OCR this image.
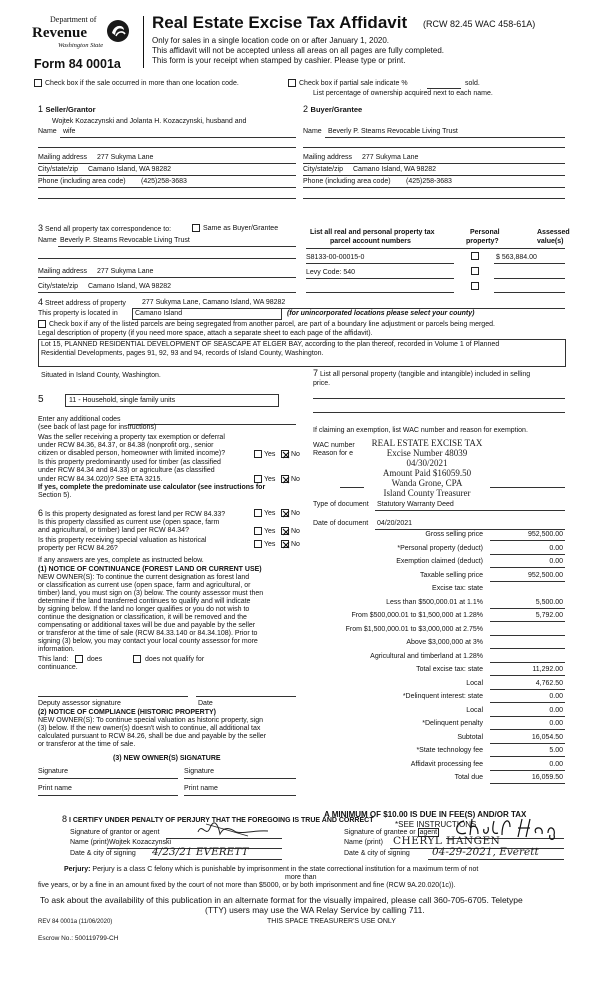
Department of
Revenue
Washington State
Form 84 0001a
Real Estate Excise Tax Affidavit (RCW 82.45 WAC 458-61A)
Only for sales in a single location code on or after January 1, 2020.
This affidavit will not be accepted unless all areas on all pages are fully completed.
This form is your receipt when stamped by cashier. Please type or print.
Check box if the sale occurred in more than one location code.	Check box if partial sale indicate %	sold.
List percentage of ownership acquired next to each name.
1 Seller/Grantor
Wojtek Kozaczynski and Jolanta H. Kozaczynski, husband and
Name wife
Mailing address 277 Sukyma Lane
City/state/zip Camano Island, WA 98282
Phone (including area code) (425)258-3683
2 Buyer/Grantee
Name Beverly P. Stearns Revocable Living Trust
Mailing address 277 Sukyma Lane
City/state/zip Camano Island, WA 98282
Phone (including area code) (425)258-3683
3 Send all property tax correspondence to:	Same as Buyer/Grantee
Name Beverly P. Stearns Revocable Living Trust
Mailing address 277 Sukyma Lane
City/state/zip Camano Island, WA 98282
List all real and personal property tax
parcel account numbers
Personal
property?
Assessed
value(s)
S8133-00-00015-0	$ 563,884.00
Levy Code: 540
4 Street address of property 277 Sukyma Lane, Camano Island, WA 98282
This property is located in Camano Island	(for unincorporated locations please select your county)
Check box if any of the listed parcels are being segregated from another parcel, are part of a boundary line adjustment or parcels being merged.
Legal description of property (if you need more space, attach a separate sheet to each page of the affidavit).
Lot 15, PLANNED RESIDENTIAL DEVELOPMENT OF SEASCAPE AT ELGER BAY, according to the plan thereof, recorded in Volume 1 of Planned
Residential Developments, pages 91, 92, 93 and 94, records of Island County, Washington.
Situated in Island County, Washington.
5	11 - Household, single family units
Enter any additional codes
(see back of last page for instructions)
Was the seller receiving a property tax exemption or deferral
under RCW 84.36, 84.37, or 84.38 (nonprofit org., senior
citizen or disabled person, homeowner with limited income)?	Yes No
Is this property predominantly used for timber (as classified
under RCW 84.34 and 84.33) or agriculture (as classified
under RCW 84.34.020)? See ETA 3215.	Yes No
If yes, complete the predominate use calculator (see instructions for
Section 5).
6 Is this property designated as forest land per RCW 84.33?	Yes No
Is this property classified as current use (open space, farm
and agricultural, or timber) land per RCW 84.34?	Yes No
Is this property receiving special valuation as historical
property per RCW 84.26?
Yes No
If any answers are yes, complete as instructed below.
(1) NOTICE OF CONTINUANCE (FOREST LAND OR CURRENT USE)
NEW OWNER(S): To continue the current designation as forest land
or classification as current use (open space, farm and agricultural, or
timber) land, you must sign on (3) below. The county assessor must then
determine if the land transferred continues to qualify and will indicate
by signing below. If the land no longer qualifies or you do not wish to
continue the designation or classification, it will be removed and the
compensating or additional taxes will be due and payable by the seller
or transferor at the time of sale (RCW 84.33.140 or 84.34.108). Prior to
signing (3) below, you may contact your local county assessor for more
information.
This land:	does	does not qualify for
continuance.
Deputy assessor signature	Date
(2) NOTICE OF COMPLIANCE (HISTORIC PROPERTY)
NEW OWNER(S): To continue special valuation as historic property, sign
(3) below. If the new owner(s) doesn't wish to continue, all additional tax
calculated pursuant to RCW 84.26, shall be due and payable by the seller
or transferor at the time of sale.
(3) NEW OWNER(S) SIGNATURE
Signature	Signature
Print name	Print name
7 List all personal property (tangible and intangible) included in selling
price.
If claiming an exemption, list WAC number and reason for exemption.
WAC number
Reason for e
REAL ESTATE EXCISE TAX
Excise Number 48039
04/30/2021
Amount Paid $16059.50
Wanda Grone, CPA
Island County Treasurer
Type of document Statutory Warranty Deed
Date of document 04/20/2021
Gross selling price	952,500.00
*Personal property (deduct)	0.00
Exemption claimed (deduct)	0.00
Taxable selling price	952,500.00
Excise tax: state
Less than $500,000.01 at 1.1%	5,500.00
From $500,000.01 to $1,500,000 at 1.28%	5,792.00
From $1,500,000.01 to $3,000,000 at 2.75%
Above $3,000,000 at 3%
Agricultural and timberland at 1.28%
Total excise tax: state	11,292.00
Local	4,762.50
*Delinquent interest: state	0.00
Local	0.00
*Delinquent penalty	0.00
Subtotal	16,054.50
*State technology fee	5.00
Affidavit processing fee	0.00
Total due	16,059.50
A MINIMUM OF $10.00 IS DUE IN FEE(S) AND/OR TAX
*SEE INSTRUCTIONS
8 I CERTIFY UNDER PENALTY OF PERJURY THAT THE FOREGOING IS TRUE AND CORRECT
Signature of grantor or agent
Name (print) Wojtek Kozaczynski
Date & city of signing 4/23/21 EVERETT
Signature of grantee or agent
Name (print) CHERYL HANGEN
Date & city of signing 04-29-2021, Everett
Perjury: Perjury is a class C felony which is punishable by imprisonment in the state correctional institution for a maximum term of not
more than
five years, or by a fine in an amount fixed by the court of not more than $5000, or by both imprisonment and fine (RCW 9A.20.020(1c)).
To ask about the availability of this publication in an alternate format for the visually impaired, please call 360-705-6705. Teletype
(TTY) users may use the WA Relay Service by calling 711.
REV 84 0001a (11/06/2020)	THIS SPACE TREASURER'S USE ONLY
Escrow No.: 500119799-CH
